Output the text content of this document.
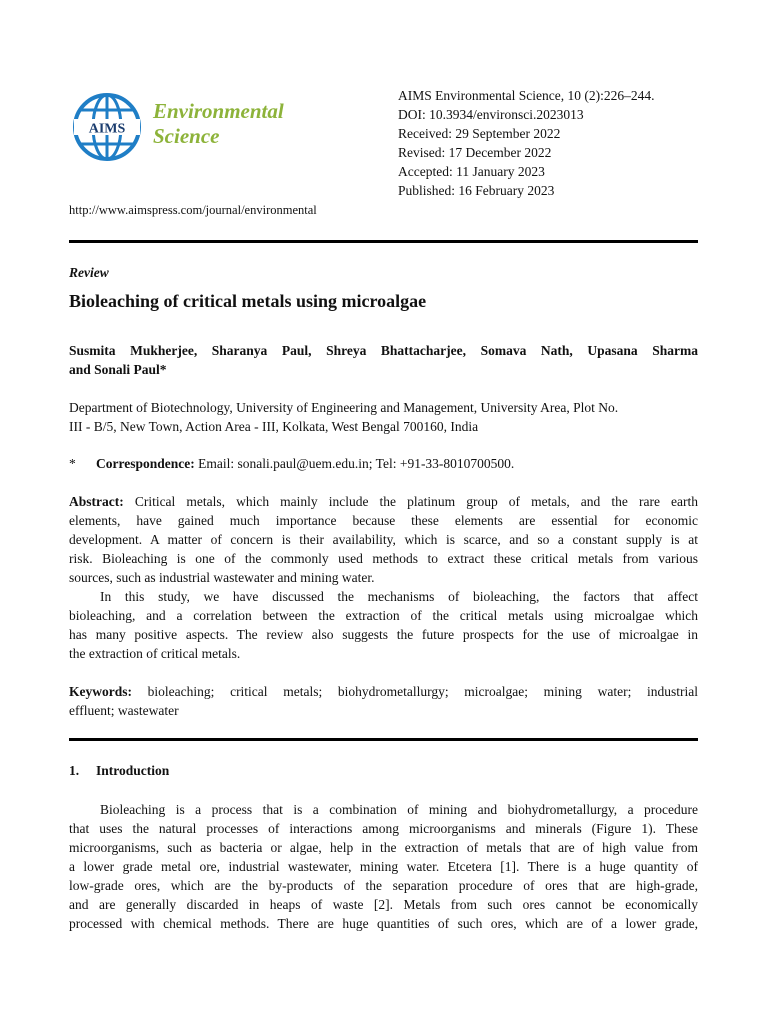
AIMS
Environmental
Science
AIMS Environmental Science, 10 (2):226–244.
DOI: 10.3934/environsci.2023013
Received: 29 September 2022
Revised: 17 December 2022
Accepted: 11 January 2023
Published: 16 February 2023
http://www.aimspress.com/journal/environmental
Review
Bioleaching of critical metals using microalgae
Susmita Mukherjee, Sharanya Paul, Shreya Bhattacharjee, Somava Nath, Upasana Sharma
and Sonali Paul*
Department of Biotechnology, University of Engineering and Management, University Area, Plot No.
III - B/5, New Town, Action Area - III, Kolkata, West Bengal 700160, India
* Correspondence: Email: sonali.paul@uem.edu.in; Tel: +91-33-8010700500.
Abstract: Critical metals, which mainly include the platinum group of metals, and the rare earth
elements, have gained much importance because these elements are essential for economic
development. A matter of concern is their availability, which is scarce, and so a constant supply is at
risk. Bioleaching is one of the commonly used methods to extract these critical metals from various
sources, such as industrial wastewater and mining water.
In this study, we have discussed the mechanisms of bioleaching, the factors that affect
bioleaching, and a correlation between the extraction of the critical metals using microalgae which
has many positive aspects. The review also suggests the future prospects for the use of microalgae in
the extraction of critical metals.
Keywords: bioleaching; critical metals; biohydrometallurgy; microalgae; mining water; industrial
effluent; wastewater
1. Introduction
Bioleaching is a process that is a combination of mining and biohydrometallurgy, a procedure
that uses the natural processes of interactions among microorganisms and minerals (Figure 1). These
microorganisms, such as bacteria or algae, help in the extraction of metals that are of high value from
a lower grade metal ore, industrial wastewater, mining water. Etcetera [1]. There is a huge quantity of
low-grade ores, which are the by-products of the separation procedure of ores that are high-grade,
and are generally discarded in heaps of waste [2]. Metals from such ores cannot be economically
processed with chemical methods. There are huge quantities of such ores, which are of a lower grade,
